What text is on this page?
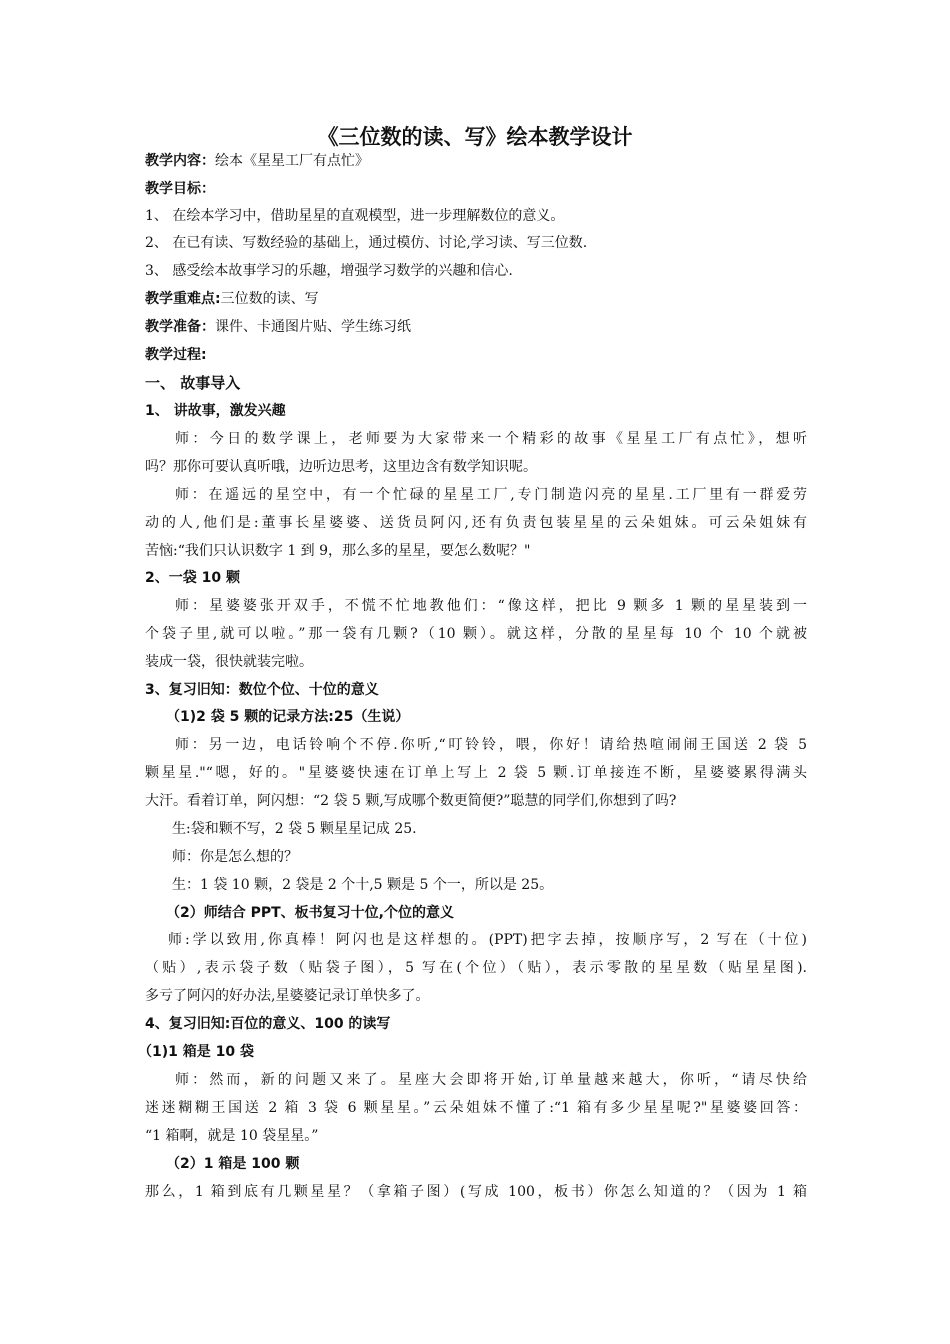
《三位数的读、写》绘本教学设计
教学内容：绘本《星星工厂有点忙》
教学目标：
1、 在绘本学习中，借助星星的直观模型，进一步理解数位的意义。
2、 在已有读、写数经验的基础上，通过模仿、讨论,学习读、写三位数.
3、 感受绘本故事学习的乐趣，增强学习数学的兴趣和信心.
教学重难点:三位数的读、写
教学准备：课件、卡通图片贴、学生练习纸
教学过程:
一、 故事导入
1、 讲故事，激发兴趣
师：今日的数学课上，老师要为大家带来一个精彩的故事《星星工厂有点忙》，想听
吗？那你可要认真听哦，边听边思考，这里边含有数学知识呢。
师：在遥远的星空中，有一个忙碌的星星工厂,专门制造闪亮的星星.工厂里有一群爱劳
动的人,他们是:董事长星婆婆、送货员阿闪,还有负责包装星星的云朵姐妹。可云朵姐妹有
苦恼:“我们只认识数字 1 到 9，那么多的星星，要怎么数呢？"
2、一袋 10 颗
师：星婆婆张开双手，不慌不忙地教他们：“像这样，把比 9 颗多 1 颗的星星装到一
个袋子里,就可以啦。”那一袋有几颗?（10 颗）。就这样，分散的星星每 10 个 10 个就被
装成一袋，很快就装完啦。
3、复习旧知：数位个位、十位的意义
（1)2 袋 5 颗的记录方法:25（生说）
师：另一边，电话铃响个不停.你听,“叮铃铃，喂，你好！请给热喧闹闹王国送 2 袋 5
颗星星."“嗯，好的。"星婆婆快速在订单上写上 2 袋 5 颗.订单接连不断，星婆婆累得满头
大汗。看着订单，阿闪想：“2 袋 5 颗,写成哪个数更简便?”聪慧的同学们,你想到了吗?
生:袋和颗不写，2 袋 5 颗星星记成 25.
师：你是怎么想的？
生：1 袋 10 颗，2 袋是 2 个十,5 颗是 5 个一，所以是 25。
（2）师结合 PPT、板书复习十位,个位的意义
师:学以致用,你真棒！阿闪也是这样想的。(PPT)把字去掉，按顺序写，2 写在（十位)
（贴）,表示袋子数（贴袋子图），5 写在(个位）（贴），表示零散的星星数（贴星星图).
多亏了阿闪的好办法,星婆婆记录订单快多了。
4、复习旧知:百位的意义、100 的读写
（1)1 箱是 10 袋
师：然而，新的问题又来了。星座大会即将开始,订单量越来越大，你听，“请尽快给
迷迷糊糊王国送 2 箱 3 袋 6 颗星星。”云朵姐妹不懂了:“1 箱有多少星星呢?"星婆婆回答：
“1 箱啊，就是 10 袋星星。”
（2）1 箱是 100 颗
那么，1 箱到底有几颗星星？（拿箱子图）(写成 100，板书）你怎么知道的？（因为 1 箱
